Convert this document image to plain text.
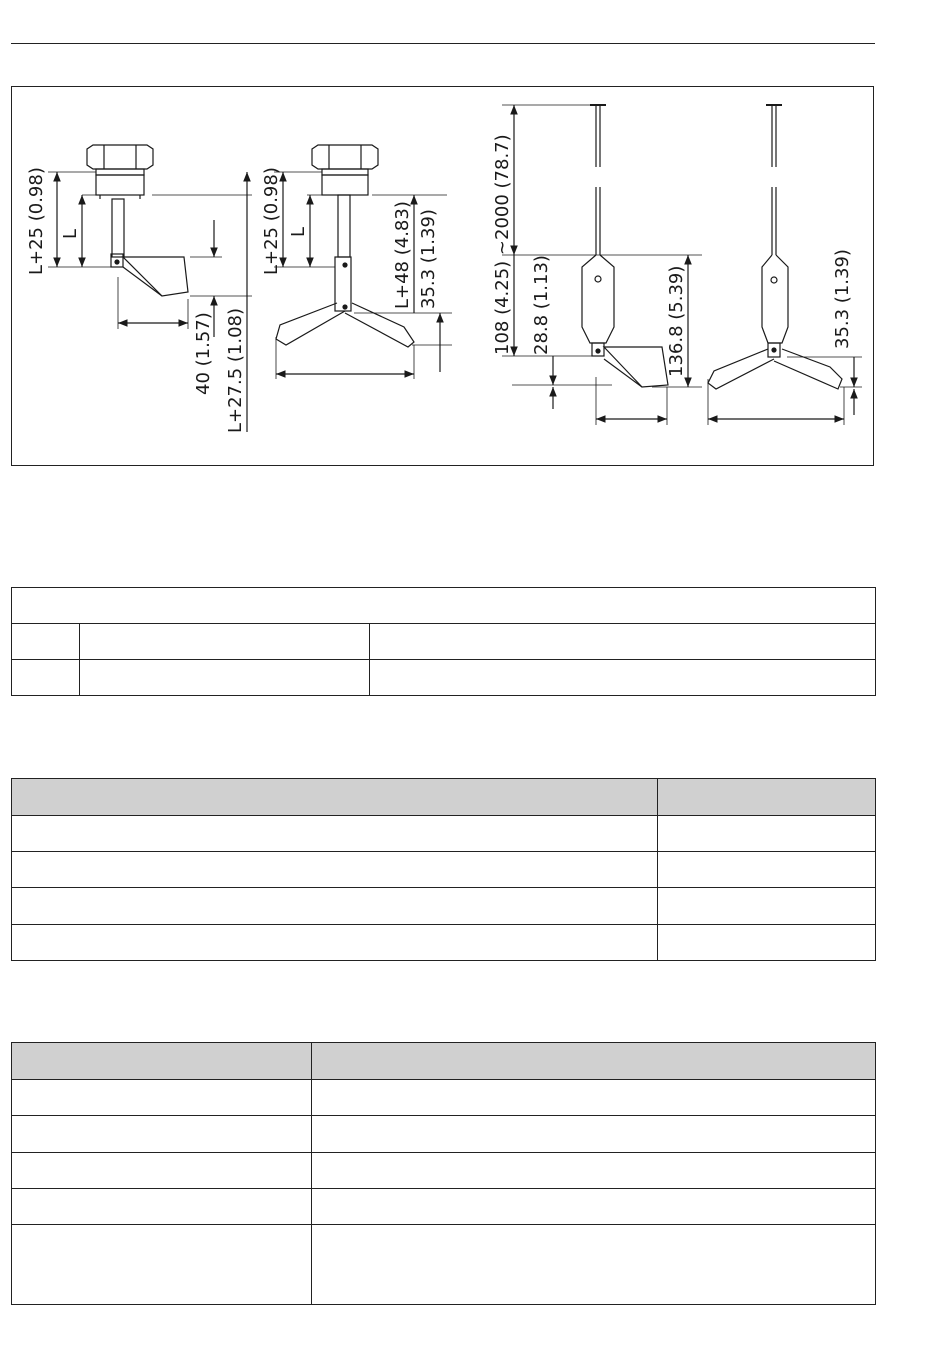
L+25 (0.98) L
40 (1.57) L+27.5 (1.08)
L+25 (0.98) L	L+48 (4.83) 35.3 (1.39)	108 (4.25) ~2000 (78.7) 28.8 (1.13)	136.8 (5.39)	35.3 (1.39)
